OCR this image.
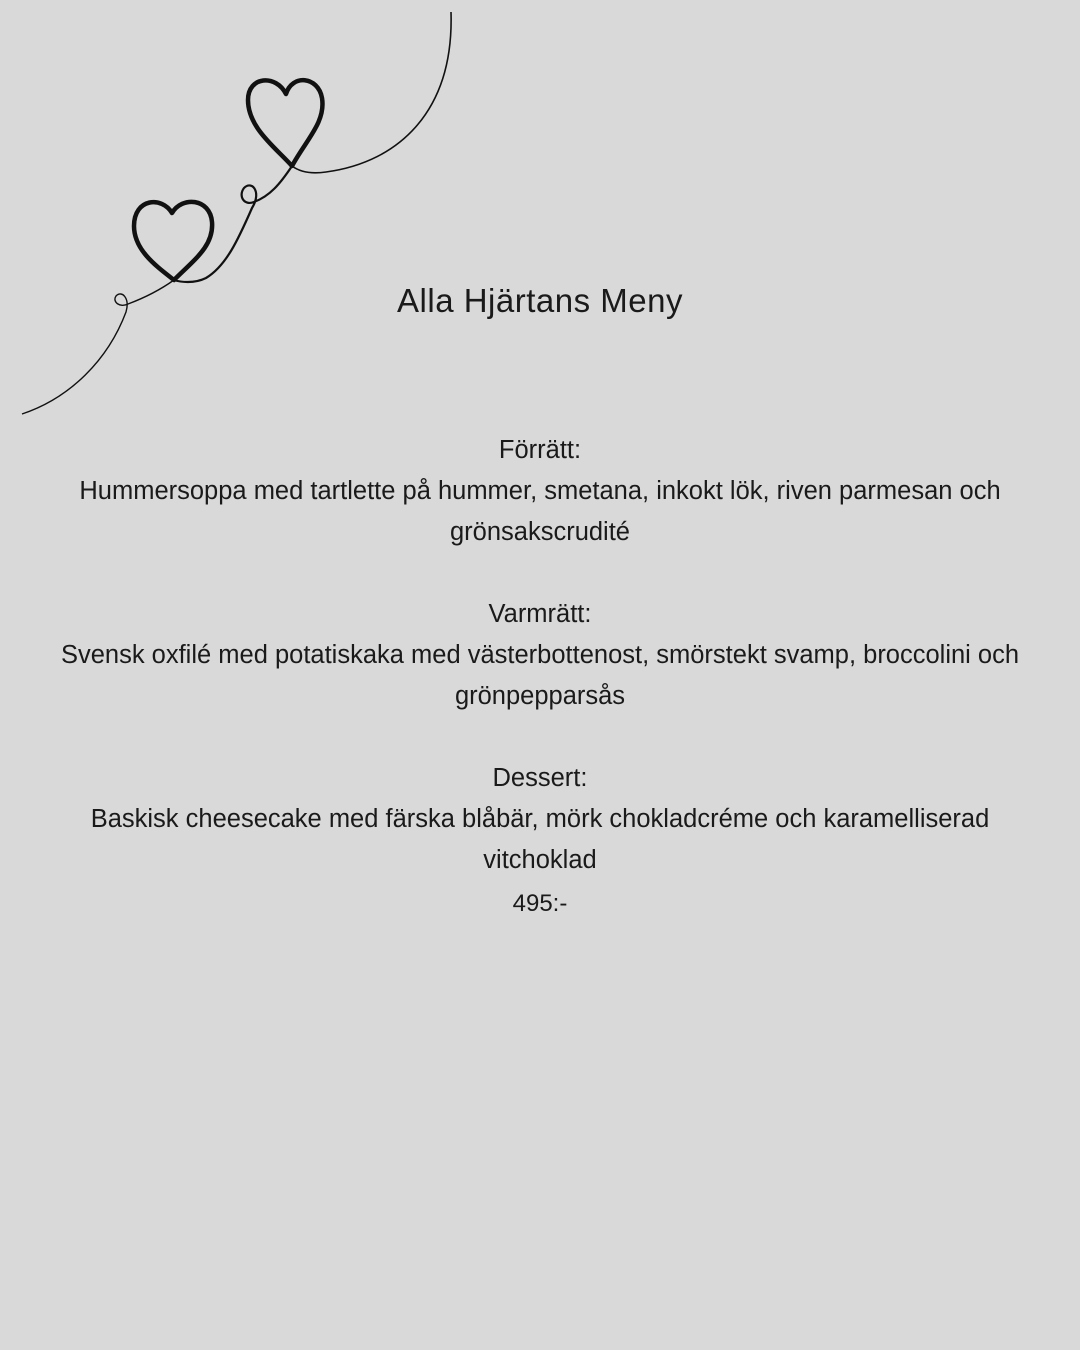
Alla Hjärtans Meny

Förrätt:

Hummersoppa med tartlette på hummer, smetana, inkokt lök, riven parmesan och grönsakscrudité

Varmrätt:

Svensk oxfilé med potatiskaka med västerbottenost, smörstekt svamp, broccolini och grönpepparsås

Dessert:

Baskisk cheesecake med färska blåbär, mörk chokladcréme och karamelliserad vitchoklad

495:-
